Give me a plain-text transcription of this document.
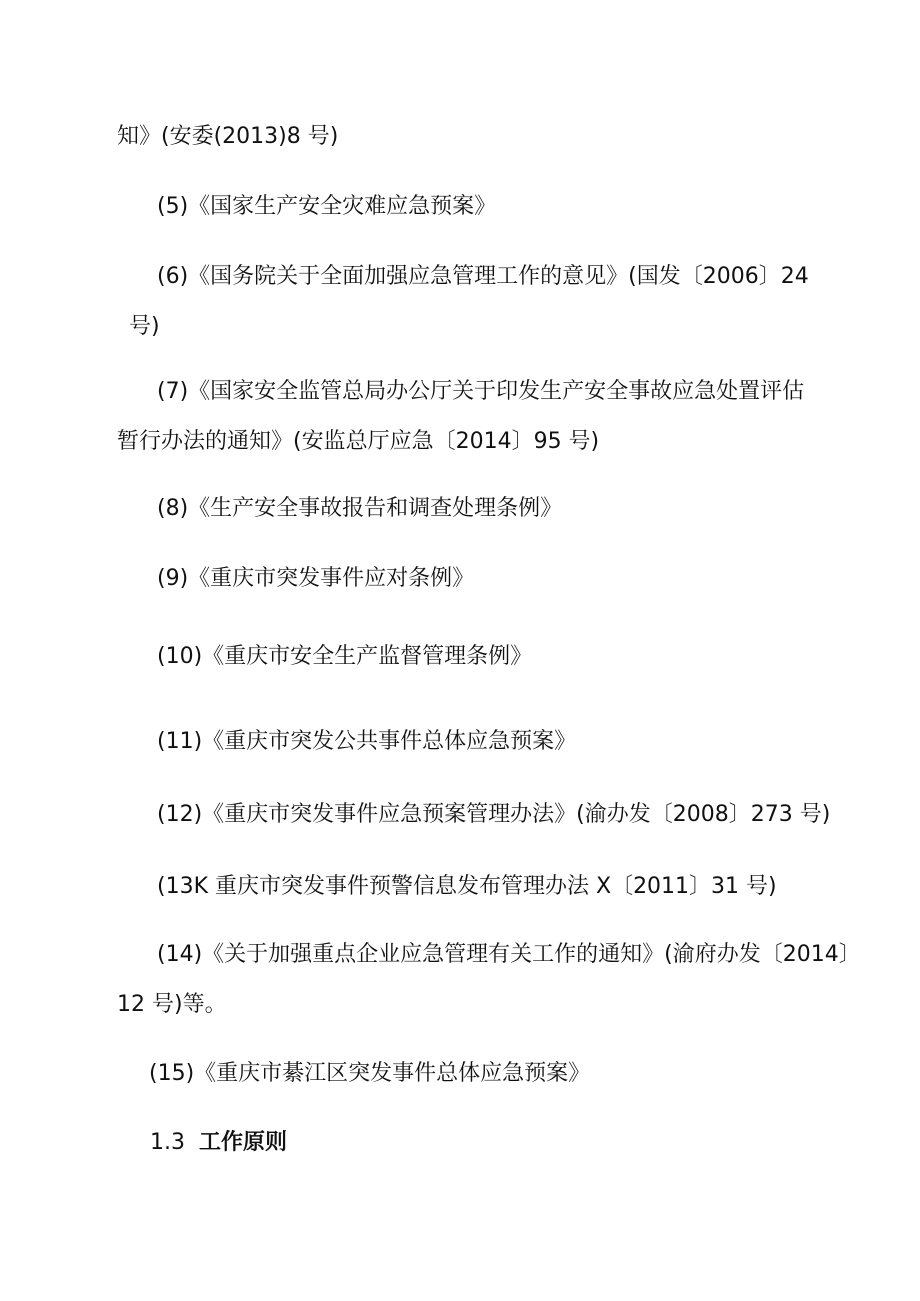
知》(安委(2013)8 号)
(5)《国家生产安全灾难应急预案》
(6)《国务院关于全面加强应急管理工作的意见》(国发〔2006〕24
号)
(7)《国家安全监管总局办公厅关于印发生产安全事故应急处置评估
暂行办法的通知》(安监总厅应急〔2014〕95 号)
(8)《生产安全事故报告和调查处理条例》
(9)《重庆市突发事件应对条例》
(10)《重庆市安全生产监督管理条例》
(11)《重庆市突发公共事件总体应急预案》
(12)《重庆市突发事件应急预案管理办法》(渝办发〔2008〕273 号)
(13K 重庆市突发事件预警信息发布管理办法 X〔2011〕31 号)
(14)《关于加强重点企业应急管理有关工作的通知》(渝府办发〔2014〕
12 号)等。
(15)《重庆市綦江区突发事件总体应急预案》
1.3 工作原则
